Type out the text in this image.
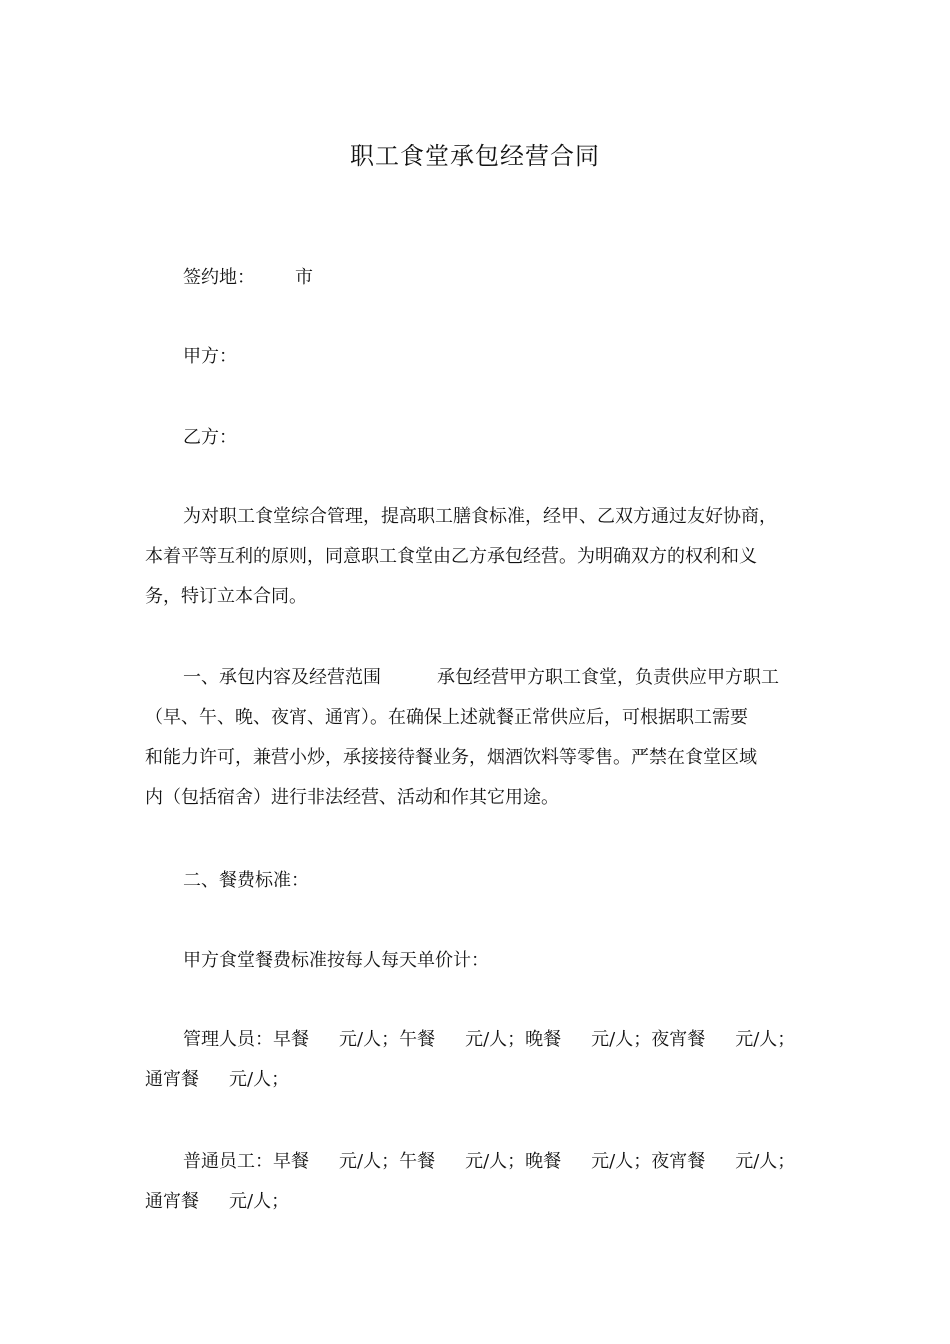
职工食堂承包经营合同
签约地： 市
甲方：
乙方：
为对职工食堂综合管理，提高职工膳食标准，经甲、乙双方通过友好协商，
本着平等互利的原则，同意职工食堂由乙方承包经营。为明确双方的权利和义
务，特订立本合同。
一、承包内容及经营范围	承包经营甲方职工食堂，负责供应甲方职工
（早、午、晚、夜宵、通宵）。在确保上述就餐正常供应后，可根据职工需要
和能力许可，兼营小炒，承接接待餐业务，烟酒饮料等零售。严禁在食堂区域
内（包括宿舍）进行非法经营、活动和作其它用途。
二、餐费标准：
甲方食堂餐费标准按每人每天单价计：
管理人员：早餐 元/人；午餐 元/人；晚餐 元/人；夜宵餐 元/人；
通宵餐 元/人；
普通员工：早餐 元/人；午餐 元/人；晚餐 元/人；夜宵餐 元/人；
通宵餐 元/人；
